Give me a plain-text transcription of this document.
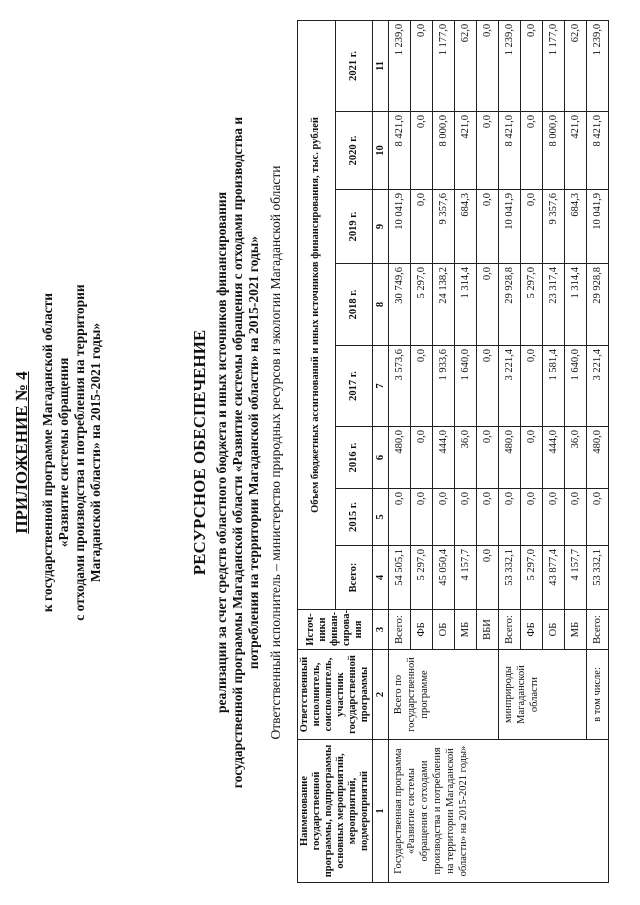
ПРИЛОЖЕНИЕ № 4 к государственной программе Магаданской области «Развитие системы обращения с отходами производства и потребления на территории Магаданской области» на 2015-2021 годы»	РЕСУРСНОЕ ОБЕСПЕЧЕНИЕ реализации за счет средств областного бюджета и иных источников финансирования государственной программы Магаданской области «Развитие системы обращения с отходами производства и потребления на территории Магаданской области» на 2015-2021 годы» Ответственный исполнитель – министерство природных ресурсов и экологии Магаданской области
Наименование государственной программы, подпрограммы основных мероприятий, мероприятий, подмероприятий	Ответственный исполнитель, соисполнитель, участник государственной программы	Источ-ники финан-сирова-ния	Объем бюджетных ассигнований и иных источников финансирования, тыс. рублей							
			Всего:	2015 г.	2016 г.	2017 г.	2018 г.	2019 г.	2020 г.	2021 г.
1	2	3	4	5	6	7	8	9	10	11
Государственная программа «Развитие системы обращения с отходами производства и потребления на территории Магаданской области» на 2015-2021 годы»	Всего по государственной программе	Всего:	54 505,1	0,0	480,0	3 573,6	30 749,6	10 041,9	8 421,0	1 239,0
		ФБ	5 297,0	0,0	0,0	0,0	5 297,0	0,0	0,0	0,0
		ОБ	45 050,4	0,0	444,0	1 933,6	24 138,2	9 357,6	8 000,0	1 177,0
		МБ	4 157,7	0,0	36,0	1 640,0	1 314,4	684,3	421,0	62,0
		ВБИ	0,0	0,0	0,0	0,0	0,0	0,0	0,0	0,0
	минприроды Магаданской области	Всего:	53 332,1	0,0	480,0	3 221,4	29 928,8	10 041,9	8 421,0	1 239,0
		ФБ	5 297,0	0,0	0,0	0,0	5 297,0	0,0	0,0	0,0
		ОБ	43 877,4	0,0	444,0	1 581,4	23 317,4	9 357,6	8 000,0	1 177,0
		МБ	4 157,7	0,0	36,0	1 640,0	1 314,4	684,3	421,0	62,0
	в том числе:	Всего:	53 332,1	0,0	480,0	3 221,4	29 928,8	10 041,9	8 421,0	1 239,0
